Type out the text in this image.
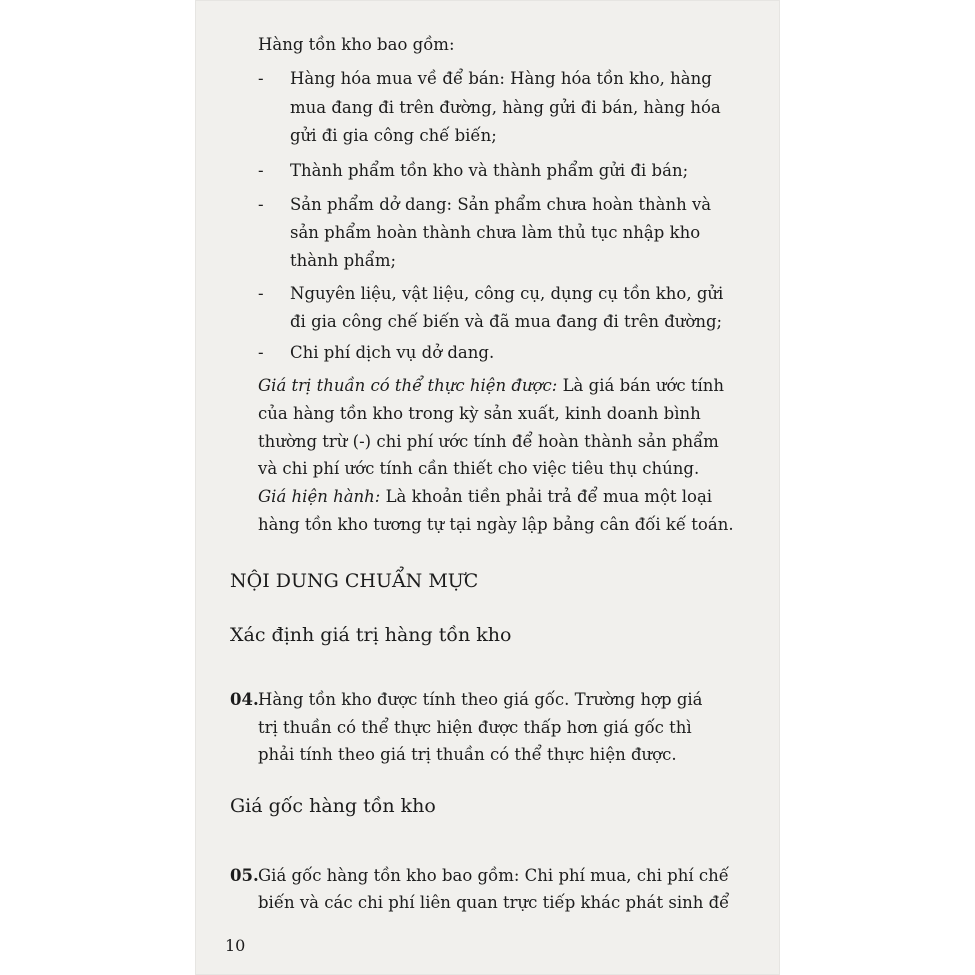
Hàng tồn kho bao gồm:
- Hàng hóa mua về để bán: Hàng hóa tồn kho, hàng
mua đang đi trên đường, hàng gửi đi bán, hàng hóa
gửi đi gia công chế biến;
- Thành phẩm tồn kho và thành phẩm gửi đi bán;
- Sản phẩm dở dang: Sản phẩm chưa hoàn thành và
sản phẩm hoàn thành chưa làm thủ tục nhập kho
thành phẩm;
- Nguyên liệu, vật liệu, công cụ, dụng cụ tồn kho, gửi
đi gia công chế biến và đã mua đang đi trên đường;
- Chi phí dịch vụ dở dang.
Giá trị thuần có thể thực hiện được: Là giá bán ước tính
của hàng tồn kho trong kỳ sản xuất, kinh doanh bình
thường trừ (-) chi phí ước tính để hoàn thành sản phẩm
và chi phí ước tính cần thiết cho việc tiêu thụ chúng.
Giá hiện hành: Là khoản tiền phải trả để mua một loại
hàng tồn kho tương tự tại ngày lập bảng cân đối kế toán.
NỘI DUNG CHUẨN MỰC
Xác định giá trị hàng tồn kho
04. Hàng tồn kho được tính theo giá gốc. Trường hợp giá
trị thuần có thể thực hiện được thấp hơn giá gốc thì
phải tính theo giá trị thuần có thể thực hiện được.
Giá gốc hàng tồn kho
05. Giá gốc hàng tồn kho bao gồm: Chi phí mua, chi phí chế
biến và các chi phí liên quan trực tiếp khác phát sinh để
10
